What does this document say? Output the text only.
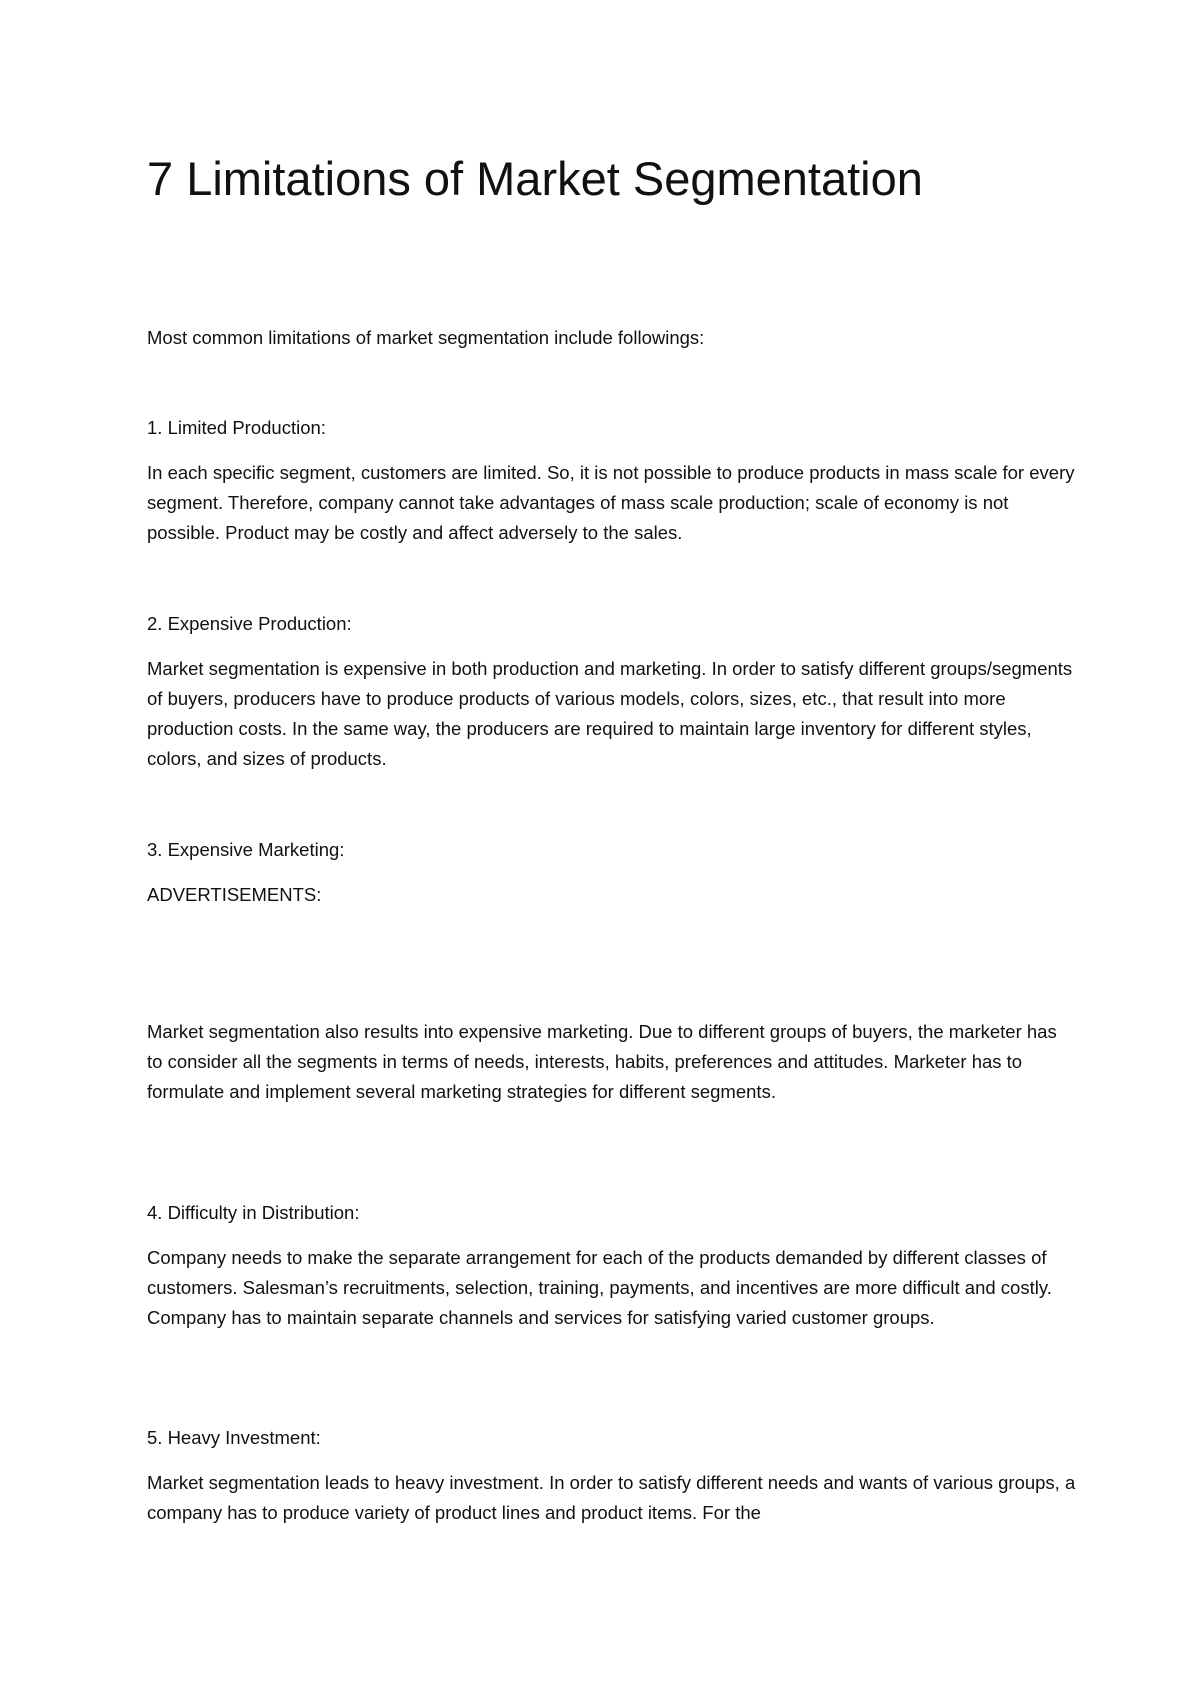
7 Limitations of Market Segmentation

Most common limitations of market segmentation include followings:

1. Limited Production:

In each specific segment, customers are limited. So, it is not possible to produce products in mass scale for every segment. Therefore, company cannot take advantages of mass scale production; scale of economy is not possible. Product may be costly and affect adversely to the sales.

2. Expensive Production:

Market segmentation is expensive in both production and marketing. In order to satisfy different groups/segments of buyers, producers have to produce products of various models, colors, sizes, etc., that result into more production costs. In the same way, the producers are required to maintain large inventory for different styles, colors, and sizes of products.

3. Expensive Marketing:

ADVERTISEMENTS:

Market segmentation also results into expensive marketing. Due to different groups of buyers, the marketer has to consider all the segments in terms of needs, interests, habits, preferences and attitudes. Marketer has to formulate and implement several marketing strategies for different segments.

4. Difficulty in Distribution:

Company needs to make the separate arrangement for each of the products demanded by different classes of customers. Salesman’s recruitments, selection, training, payments, and incentives are more difficult and costly. Company has to maintain separate channels and services for satisfying varied customer groups.

5. Heavy Investment:

Market segmentation leads to heavy investment. In order to satisfy different needs and wants of various groups, a company has to produce variety of product lines and product items. For the
